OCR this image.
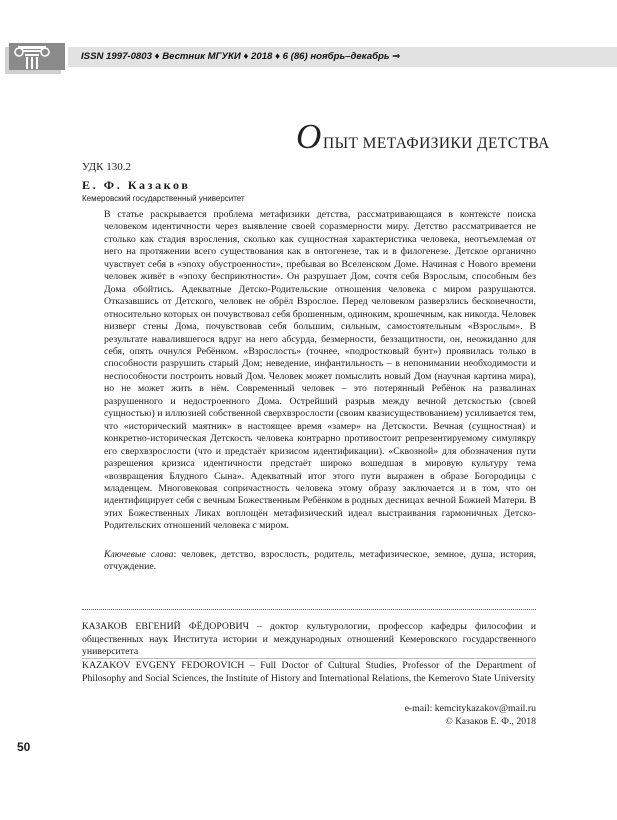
ISSN 1997-0803 ♦ Вестник МГУКИ ♦ 2018 ♦ 6 (86) ноябрь–декабрь ⇒
О ПЫТ МЕТАФИЗИКИ ДЕТСТВА
УДК 130.2
Е. Ф. Казаков
Кемеровский государственный университет

В статье раскрывается проблема метафизики детства, рассматривающаяся в контексте поиска человеком идентичности через выявление своей соразмерности миру. Детство рассматривается не столько как стадия взросления, сколько как сущностная характеристика человека, неотъемлемая от него на протяжении всего существования как в онтогенезе, так и в филогенезе. Детское органично чувствует себя в «эпоху обустроенности», пребывая во Вселенском Доме. Начиная с Нового времени человек живёт в «эпоху бесприютности». Он разрушает Дом, сочтя себя Взрослым, способным без Дома обойтись. Адекватные Детско-Родительские отношения человека с миром разрушаются. Отказавшись от Детского, человек не обрёл Взрослое. Перед человеком разверзлись бесконечности, относительно которых он почувствовал себя брошенным, одиноким, крошечным, как никогда. Человек низверг стены Дома, почувствовав себя большим, сильным, самостоятельным «Взрослым». В результате навалившегося вдруг на него абсурда, безмерности, беззащитности, он, неожиданно для себя, опять очнулся Ребёнком. «Взрослость» (точнее, «подростковый бунт») проявилась только в способности разрушить старый Дом; неведение, инфантильность – в непонимании необходимости и неспособности построить новый Дом. Человек может помыслить новый Дом (научная картина мира), но не может жить в нём. Современный человек – это потерянный Ребёнок на развалинах разрушенного и недостроенного Дома. Острейший разрыв между вечной детскостью (своей сущностью) и иллюзией собственной сверхвзрослости (своим квазисуществованием) усиливается тем, что «исторический маятник» в настоящее время «замер» на Детскости. Вечная (сущностная) и конкретно-историческая Детскость человека контрарно противостоит репрезентируемому симулякру его сверхвзрослости (что и предстаёт кризисом идентификации). «Сквозной» для обозначения пути разрешения кризиса идентичности предстаёт широко вошедшая в мировую культуру тема «возвращения Блудного Сына». Адекватный итог этого пути выражен в образе Богородицы с младенцем. Многовековая сопричастность человека этому образу заключается и в том, что он идентифицирует себя с вечным Божественным Ребёнком в родных десницах вечной Божией Матери. В этих Божественных Ликах воплощён метафизический идеал выстраивания гармоничных Детско-Родительских отношений человека с миром.

Ключевые слова: человек, детство, взрослость, родитель, метафизическое, земное, душа, история, отчуждение.

КАЗАКОВ ЕВГЕНИЙ ФЁДОРОВИЧ – доктор культурологии, профессор кафедры философии и общественных наук Института истории и международных отношений Кемеровского государственного университета

KAZAKOV EVGENY FEDOROVICH – Full Doctor of Cultural Studies, Professor of the Department of Philosophy and Social Sciences, the Institute of History and International Relations, the Kemerovo State University

e-mail: kemcitykazakov@mail.ru
© Казаков Е. Ф., 2018
50
